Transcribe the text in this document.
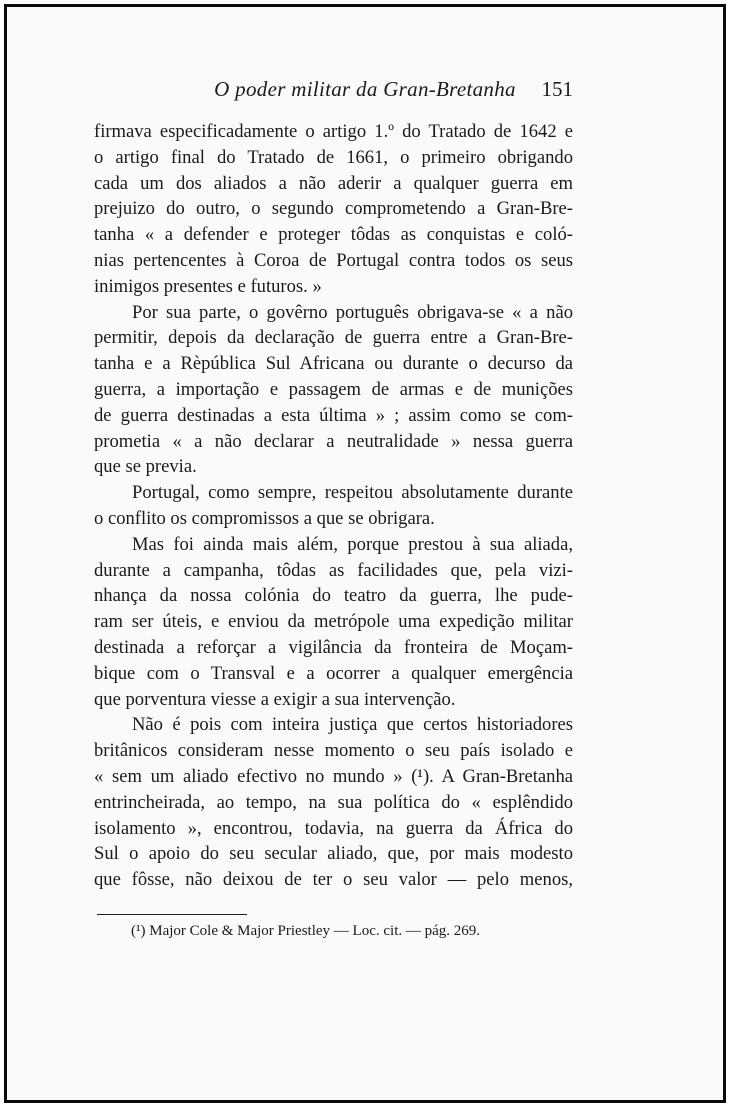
O poder militar da Gran-Bretanha	151
firmava especificadamente o artigo 1.º do Tratado de 1642 e
o artigo final do Tratado de 1661, o primeiro obrigando
cada um dos aliados a não aderir a qualquer guerra em
prejuizo do outro, o segundo comprometendo a Gran-Bre-
tanha « a defender e proteger tôdas as conquistas e coló-
nias pertencentes à Coroa de Portugal contra todos os seus
inimigos presentes e futuros. »
Por sua parte, o govêrno português obrigava-se « a não
permitir, depois da declaração de guerra entre a Gran-Bre-
tanha e a Rèpública Sul Africana ou durante o decurso da
guerra, a importação e passagem de armas e de munições
de guerra destinadas a esta última » ; assim como se com-
prometia « a não declarar a neutralidade » nessa guerra
que se previa.
Portugal, como sempre, respeitou absolutamente durante
o conflito os compromissos a que se obrigara.
Mas foi ainda mais além, porque prestou à sua aliada,
durante a campanha, tôdas as facilidades que, pela vizi-
nhança da nossa colónia do teatro da guerra, lhe pude-
ram ser úteis, e enviou da metrópole uma expedição militar
destinada a reforçar a vigilância da fronteira de Moçam-
bique com o Transval e a ocorrer a qualquer emergência
que porventura viesse a exigir a sua intervenção.
Não é pois com inteira justiça que certos historiadores
britânicos consideram nesse momento o seu país isolado e
« sem um aliado efectivo no mundo » (¹). A Gran-Bretanha
entrincheirada, ao tempo, na sua política do « esplêndido
isolamento », encontrou, todavia, na guerra da África do
Sul o apoio do seu secular aliado, que, por mais modesto
que fôsse, não deixou de ter o seu valor — pelo menos,
(¹) Major Cole & Major Priestley — Loc. cit. — pág. 269.
